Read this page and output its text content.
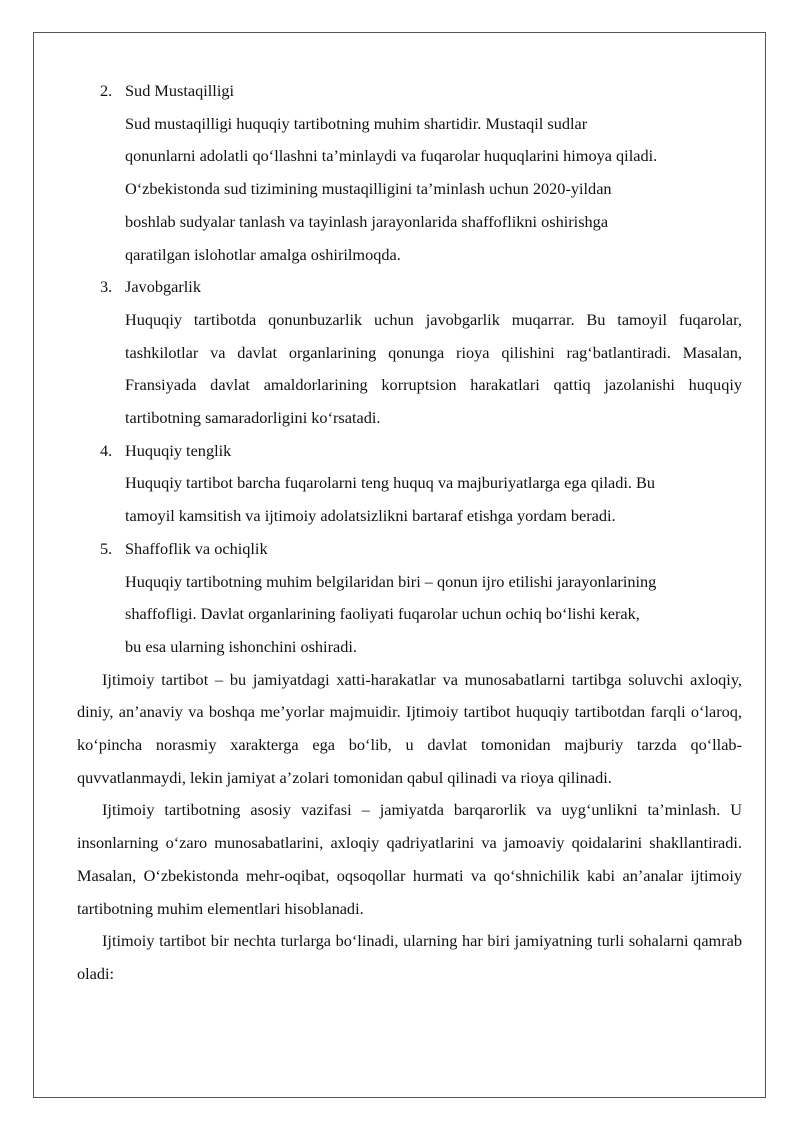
2. Sud Mustaqilligi
Sud mustaqilligi huquqiy tartibotning muhim shartidir. Mustaqil sudlar
qonunlarni adolatli qo‘llashni ta’minlaydi va fuqarolar huquqlarini himoya qiladi.
O‘zbekistonda sud tizimining mustaqilligini ta’minlash uchun 2020-yildan
boshlab sudyalar tanlash va tayinlash jarayonlarida shaffoflikni oshirishga
qaratilgan islohotlar amalga oshirilmoqda.
3. Javobgarlik
Huquqiy tartibotda qonunbuzarlik uchun javobgarlik muqarrar. Bu tamoyil fuqarolar, tashkilotlar va davlat organlarining qonunga rioya qilishini rag‘batlantiradi. Masalan, Fransiyada davlat amaldorlarining korruptsion harakatlari qattiq jazolanishi huquqiy tartibotning samaradorligini ko‘rsatadi.
4. Huquqiy tenglik
Huquqiy tartibot barcha fuqarolarni teng huquq va majburiyatlarga ega qiladi. Bu
tamoyil kamsitish va ijtimoiy adolatsizlikni bartaraf etishga yordam beradi.
5. Shaffoflik va ochiqlik
Huquqiy tartibotning muhim belgilaridan biri – qonun ijro etilishi jarayonlarining
shaffofligi. Davlat organlarining faoliyati fuqarolar uchun ochiq bo‘lishi kerak,
bu esa ularning ishonchini oshiradi.

Ijtimoiy tartibot – bu jamiyatdagi xatti-harakatlar va munosabatlarni tartibga soluvchi axloqiy, diniy, an’anaviy va boshqa me’yorlar majmuidir. Ijtimoiy tartibot huquqiy tartibotdan farqli o‘laroq, ko‘pincha norasmiy xarakterga ega bo‘lib, u davlat tomonidan majburiy tarzda qo‘llab-quvvatlanmaydi, lekin jamiyat a’zolari tomonidan qabul qilinadi va rioya qilinadi.

Ijtimoiy tartibotning asosiy vazifasi – jamiyatda barqarorlik va uyg‘unlikni ta’minlash. U insonlarning o‘zaro munosabatlarini, axloqiy qadriyatlarini va jamoaviy qoidalarini shakllantiradi. Masalan, O‘zbekistonda mehr-oqibat, oqsoqollar hurmati va qo‘shnichilik kabi an’analar ijtimoiy tartibotning muhim elementlari hisoblanadi.

Ijtimoiy tartibot bir nechta turlarga bo‘linadi, ularning har biri jamiyatning turli sohalarni qamrab oladi:
